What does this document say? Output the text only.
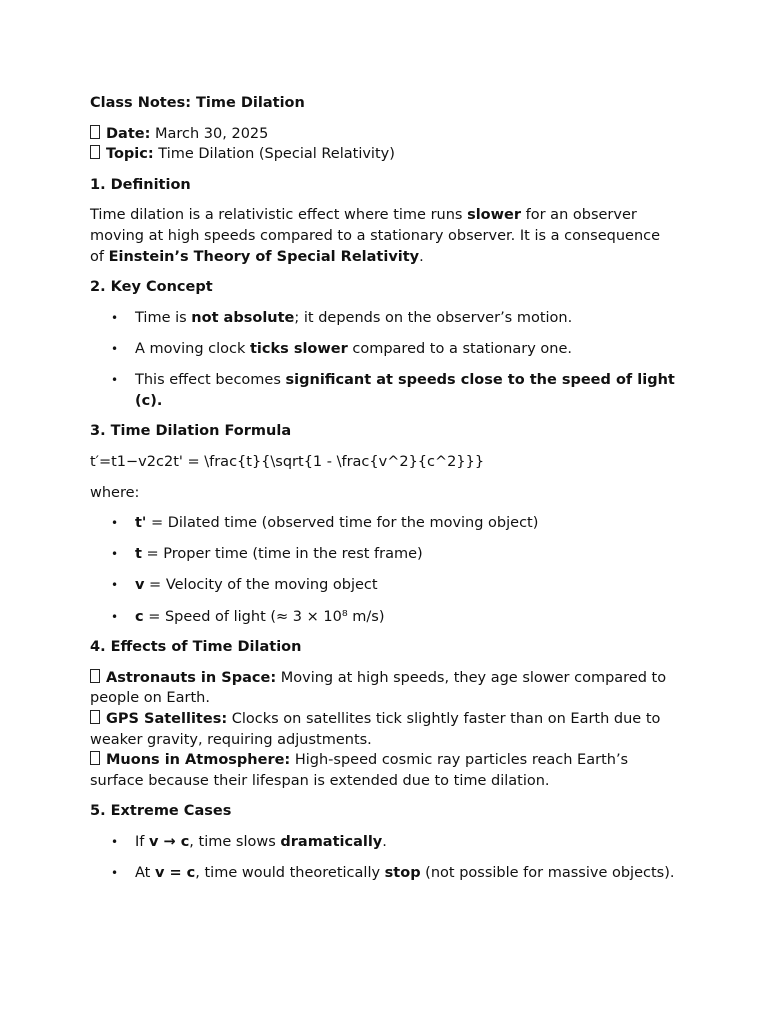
Class Notes: Time Dilation
Date: March 30, 2025
Topic: Time Dilation (Special Relativity)
1. Definition

Time dilation is a relativistic effect where time runs slower for an observer moving at high speeds compared to a stationary observer. It is a consequence of Einstein’s Theory of Special Relativity.

2. Key Concept
• Time is not absolute; it depends on the observer’s motion.
• A moving clock ticks slower compared to a stationary one.
• This effect becomes significant at speeds close to the speed of light (c).
3. Time Dilation Formula

t′=t1−v2c2t' = \frac{t}{\sqrt{1 - \frac{v^2}{c^2}}}

where:

• t' = Dilated time (observed time for the moving object)
• t = Proper time (time in the rest frame)
• v = Velocity of the moving object
• c = Speed of light (≈ 3 × 10⁸ m/s)
4. Effects of Time Dilation
Astronauts in Space: Moving at high speeds, they age slower compared to people on Earth.
GPS Satellites: Clocks on satellites tick slightly faster than on Earth due to weaker gravity, requiring adjustments.
Muons in Atmosphere: High-speed cosmic ray particles reach Earth’s surface because their lifespan is extended due to time dilation.
5. Extreme Cases
• If v → c, time slows dramatically.
• At v = c, time would theoretically stop (not possible for massive objects).
